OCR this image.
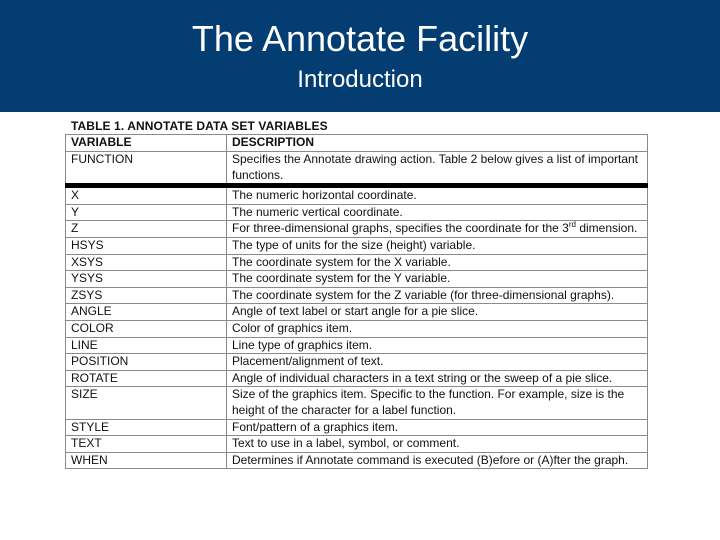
The Annotate Facility
Introduction
TABLE 1. ANNOTATE DATA SET VARIABLES
VARIABLE	DESCRIPTION
FUNCTION	Specifies the Annotate drawing action. Table 2 below gives a list of important functions.
X	The numeric horizontal coordinate.
Y	The numeric vertical coordinate.
Z	For three-dimensional graphs, specifies the coordinate for the 3rd dimension.
HSYS	The type of units for the size (height) variable.
XSYS	The coordinate system for the X variable.
YSYS	The coordinate system for the Y variable.
ZSYS	The coordinate system for the Z variable (for three-dimensional graphs).
ANGLE	Angle of text label or start angle for a pie slice.
COLOR	Color of graphics item.
LINE	Line type of graphics item.
POSITION	Placement/alignment of text.
ROTATE	Angle of individual characters in a text string or the sweep of a pie slice.
SIZE	Size of the graphics item. Specific to the function. For example, size is the height of the character for a label function.
STYLE	Font/pattern of a graphics item.
TEXT	Text to use in a label, symbol, or comment.
WHEN	Determines if Annotate command is executed (B)efore or (A)fter the graph.
